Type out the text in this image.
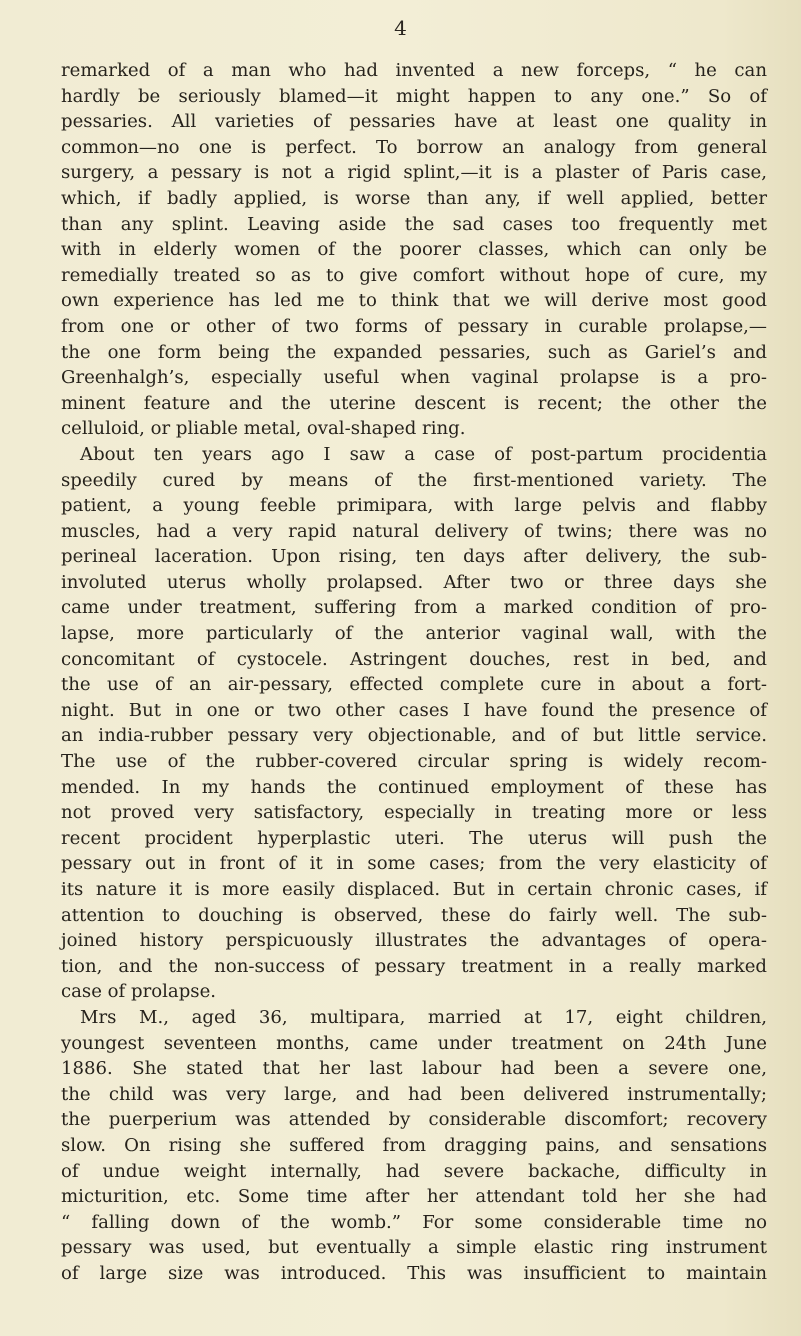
4

remarked of a man who had invented a new forceps, “ he can
hardly be seriously blamed—it might happen to any one.” So of
pessaries. All varieties of pessaries have at least one quality in
common—no one is perfect. To borrow an analogy from general
surgery, a pessary is not a rigid splint,—it is a plaster of Paris case,
which, if badly applied, is worse than any, if well applied, better
than any splint. Leaving aside the sad cases too frequently met
with in elderly women of the poorer classes, which can only be
remedially treated so as to give comfort without hope of cure, my
own experience has led me to think that we will derive most good
from one or other of two forms of pessary in curable prolapse,—
the one form being the expanded pessaries, such as Gariel’s and
Greenhalgh’s, especially useful when vaginal prolapse is a pro-
minent feature and the uterine descent is recent; the other the
celluloid, or pliable metal, oval-shaped ring.

About ten years ago I saw a case of post-partum procidentia
speedily cured by means of the first-mentioned variety. The
patient, a young feeble primipara, with large pelvis and flabby
muscles, had a very rapid natural delivery of twins; there was no
perineal laceration. Upon rising, ten days after delivery, the sub-
involuted uterus wholly prolapsed. After two or three days she
came under treatment, suffering from a marked condition of pro-
lapse, more particularly of the anterior vaginal wall, with the
concomitant of cystocele. Astringent douches, rest in bed, and
the use of an air-pessary, effected complete cure in about a fort-
night. But in one or two other cases I have found the presence of
an india-rubber pessary very objectionable, and of but little service.
The use of the rubber-covered circular spring is widely recom-
mended. In my hands the continued employment of these has
not proved very satisfactory, especially in treating more or less
recent procident hyperplastic uteri. The uterus will push the
pessary out in front of it in some cases; from the very elasticity of
its nature it is more easily displaced. But in certain chronic cases, if
attention to douching is observed, these do fairly well. The sub-
joined history perspicuously illustrates the advantages of opera-
tion, and the non-success of pessary treatment in a really marked
case of prolapse.

Mrs M., aged 36, multipara, married at 17, eight children,
youngest seventeen months, came under treatment on 24th June
1886. She stated that her last labour had been a severe one,
the child was very large, and had been delivered instrumentally;
the puerperium was attended by considerable discomfort; recovery
slow. On rising she suffered from dragging pains, and sensations
of undue weight internally, had severe backache, difficulty in
micturition, etc. Some time after her attendant told her she had
“ falling down of the womb.” For some considerable time no
pessary was used, but eventually a simple elastic ring instrument
of large size was introduced. This was insufficient to maintain
